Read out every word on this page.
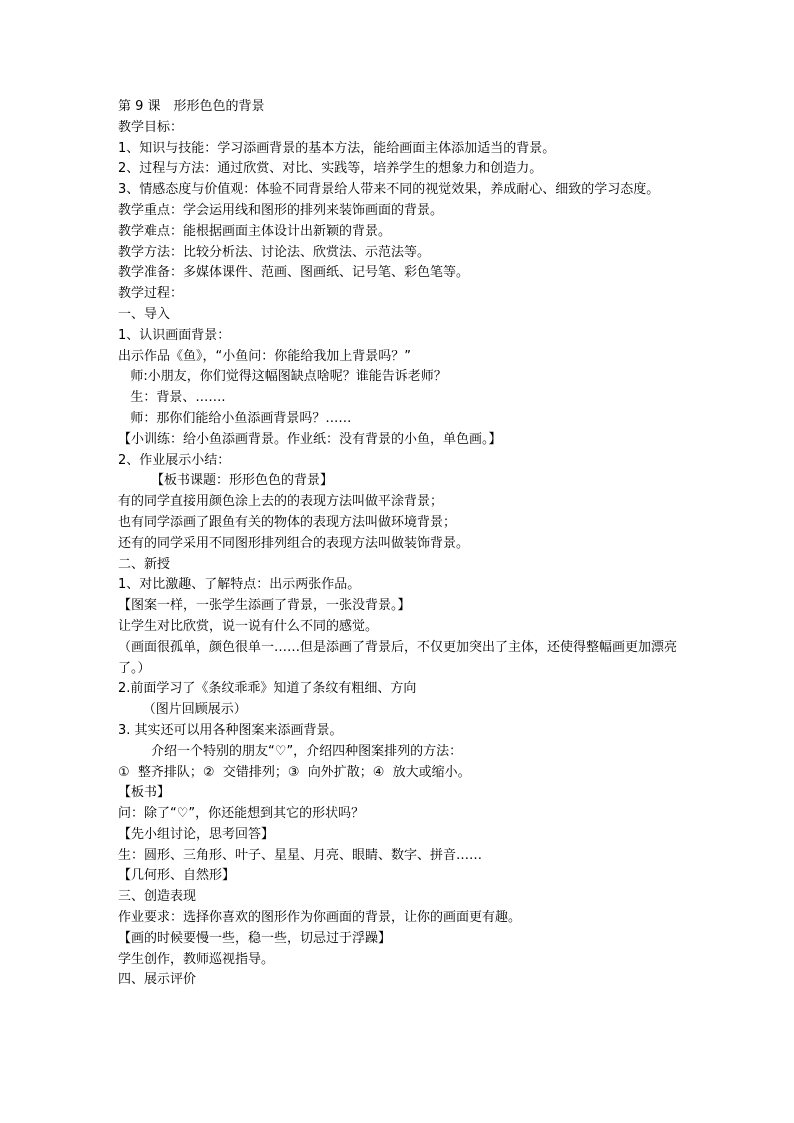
第 9 课　形形色色的背景
教学目标：
1、知识与技能：学习添画背景的基本方法，能给画面主体添加适当的背景。
2、过程与方法：通过欣赏、对比、实践等，培养学生的想象力和创造力。
3、情感态度与价值观：体验不同背景给人带来不同的视觉效果，养成耐心、细致的学习态度。
教学重点：学会运用线和图形的排列来装饰画面的背景。
教学难点：能根据画面主体设计出新颖的背景。
教学方法：比较分析法、讨论法、欣赏法、示范法等。
教学准备：多媒体课件、范画、图画纸、记号笔、彩色笔等。
教学过程：
一、导入
1、认识画面背景：
出示作品《鱼》，“小鱼问：你能给我加上背景吗？”
师:小朋友，你们觉得这幅图缺点啥呢？谁能告诉老师？
生：背景、…….
师：那你们能给小鱼添画背景吗？……
【小训练：给小鱼添画背景。作业纸：没有背景的小鱼，单色画。】
2、作业展示小结：
【板书课题：形形色色的背景】
有的同学直接用颜色涂上去的的表现方法叫做平涂背景；
也有同学添画了跟鱼有关的物体的表现方法叫做环境背景；
还有的同学采用不同图形排列组合的表现方法叫做装饰背景。
二、新授
1、对比激趣、了解特点：出示两张作品。
【图案一样，一张学生添画了背景，一张没背景。】
让学生对比欣赏，说一说有什么不同的感觉。
（画面很孤单，颜色很单一……但是添画了背景后，不仅更加突出了主体，还使得整幅画更加漂亮了。）
2.前面学习了《条纹乖乖》知道了条纹有粗细、方向
（图片回顾展示）
3. 其实还可以用各种图案来添画背景。
介绍一个特别的朋友“♡”，介绍四种图案排列的方法：
①  整齐排队；②  交错排列；③  向外扩散；④  放大或缩小。
【板书】
问：除了“♡”，你还能想到其它的形状吗？
【先小组讨论，思考回答】
生：圆形、三角形、叶子、星星、月亮、眼睛、数字、拼音……
【几何形、自然形】
三、创造表现
作业要求：选择你喜欢的图形作为你画面的背景，让你的画面更有趣。
【画的时候要慢一些，稳一些，切忌过于浮躁】
学生创作，教师巡视指导。
四、展示评价
